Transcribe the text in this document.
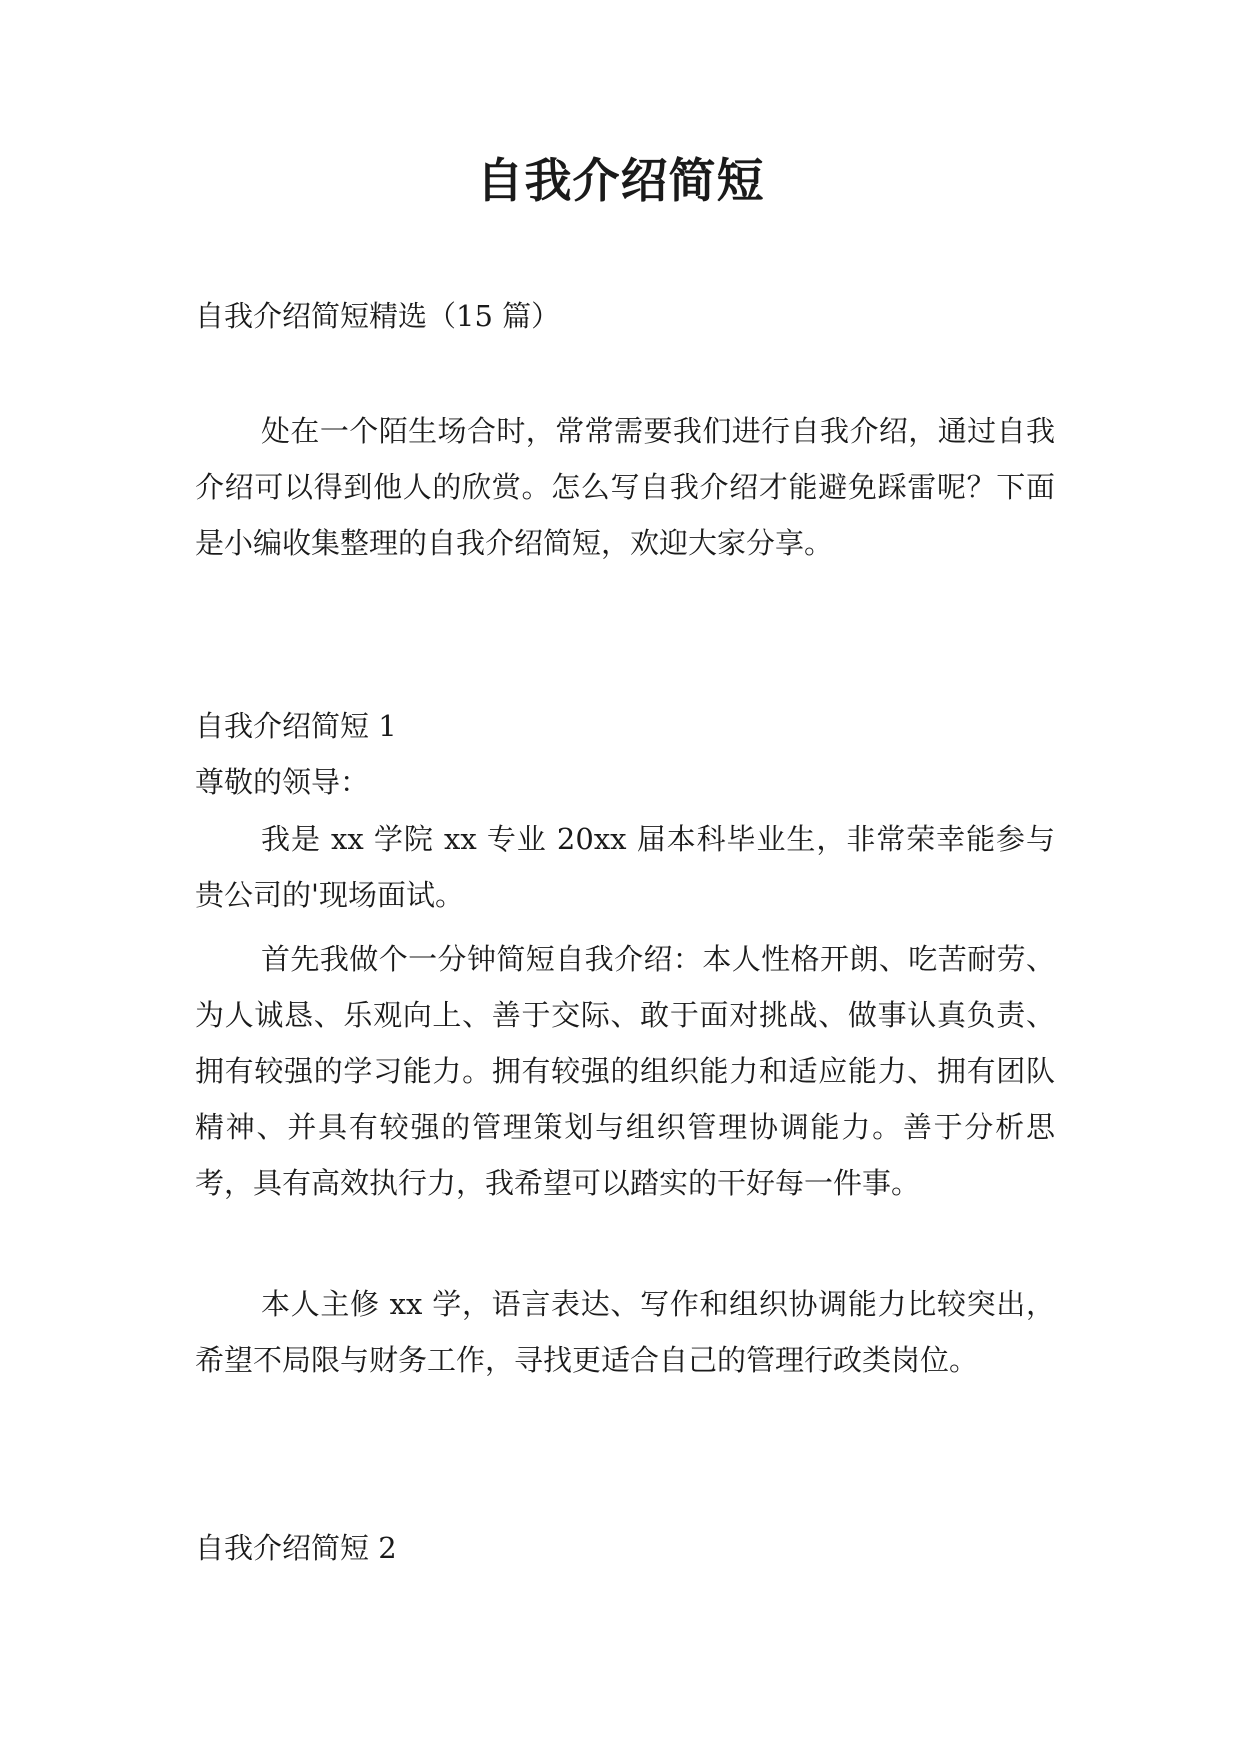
自我介绍简短
自我介绍简短精选（15 篇）

处在一个陌生场合时，常常需要我们进行自我介绍，通过自我介绍可以得到他人的欣赏。怎么写自我介绍才能避免踩雷呢？下面是小编收集整理的自我介绍简短，欢迎大家分享。

自我介绍简短 1
尊敬的领导：

我是 xx 学院 xx 专业 20xx 届本科毕业生，非常荣幸能参与贵公司的'现场面试。

首先我做个一分钟简短自我介绍：本人性格开朗、吃苦耐劳、为人诚恳、乐观向上、善于交际、敢于面对挑战、做事认真负责、拥有较强的学习能力。拥有较强的组织能力和适应能力、拥有团队精神、并具有较强的管理策划与组织管理协调能力。善于分析思考，具有高效执行力，我希望可以踏实的干好每一件事。

本人主修 xx 学，语言表达、写作和组织协调能力比较突出，希望不局限与财务工作，寻找更适合自己的管理行政类岗位。

自我介绍简短 2
